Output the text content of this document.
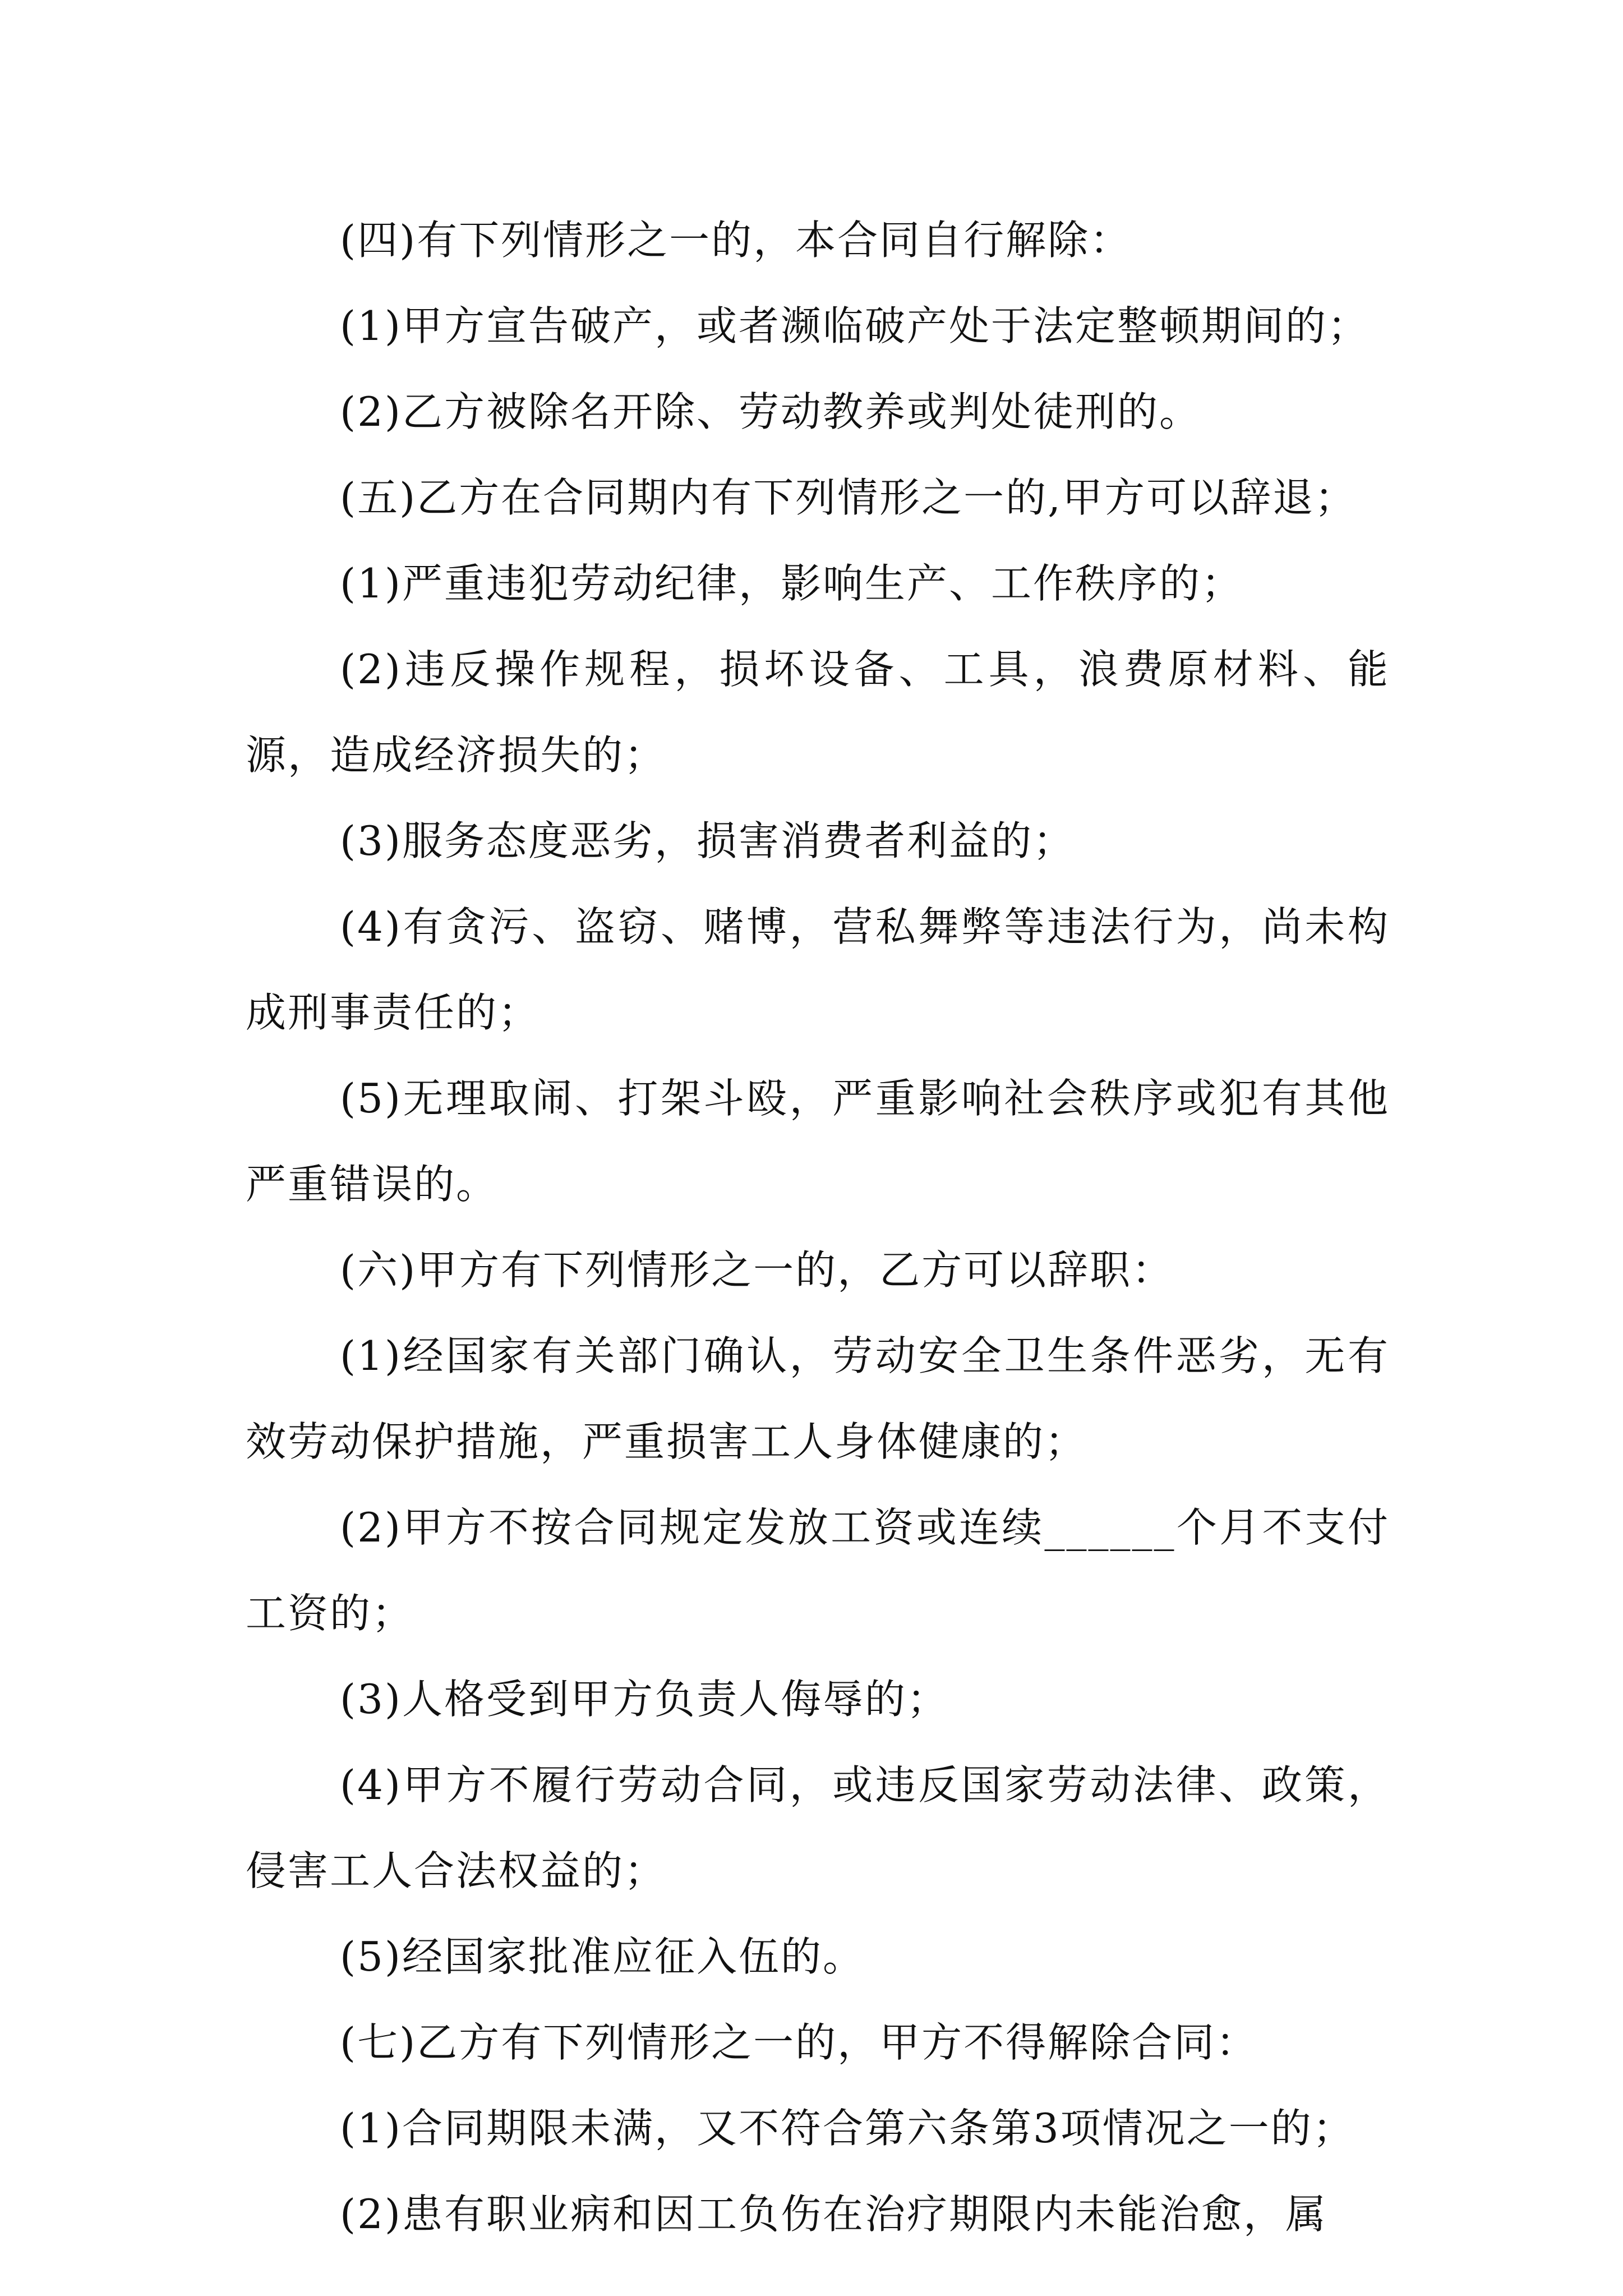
(四)有下列情形之一的，本合同自行解除：

(1)甲方宣告破产，或者濒临破产处于法定整顿期间的；

(2)乙方被除名开除、劳动教养或判处徒刑的。

(五)乙方在合同期内有下列情形之一的,甲方可以辞退；

(1)严重违犯劳动纪律，影响生产、工作秩序的；

(2)违反操作规程，损坏设备、工具，浪费原材料、能源，造成经济损失的；

(3)服务态度恶劣，损害消费者利益的；

(4)有贪污、盗窃、赌博，营私舞弊等违法行为，尚未构成刑事责任的；

(5)无理取闹、打架斗殴，严重影响社会秩序或犯有其他严重错误的。

(六)甲方有下列情形之一的，乙方可以辞职：

(1)经国家有关部门确认，劳动安全卫生条件恶劣，无有效劳动保护措施，严重损害工人身体健康的；

(2)甲方不按合同规定发放工资或连续______个月不支付工资的；

(3)人格受到甲方负责人侮辱的；

(4)甲方不履行劳动合同，或违反国家劳动法律、政策，侵害工人合法权益的；

(5)经国家批准应征入伍的。

(七)乙方有下列情形之一的，甲方不得解除合同：

(1)合同期限未满，又不符合第六条第3项情况之一的；

(2)患有职业病和因工负伤在治疗期限内未能治愈，属
